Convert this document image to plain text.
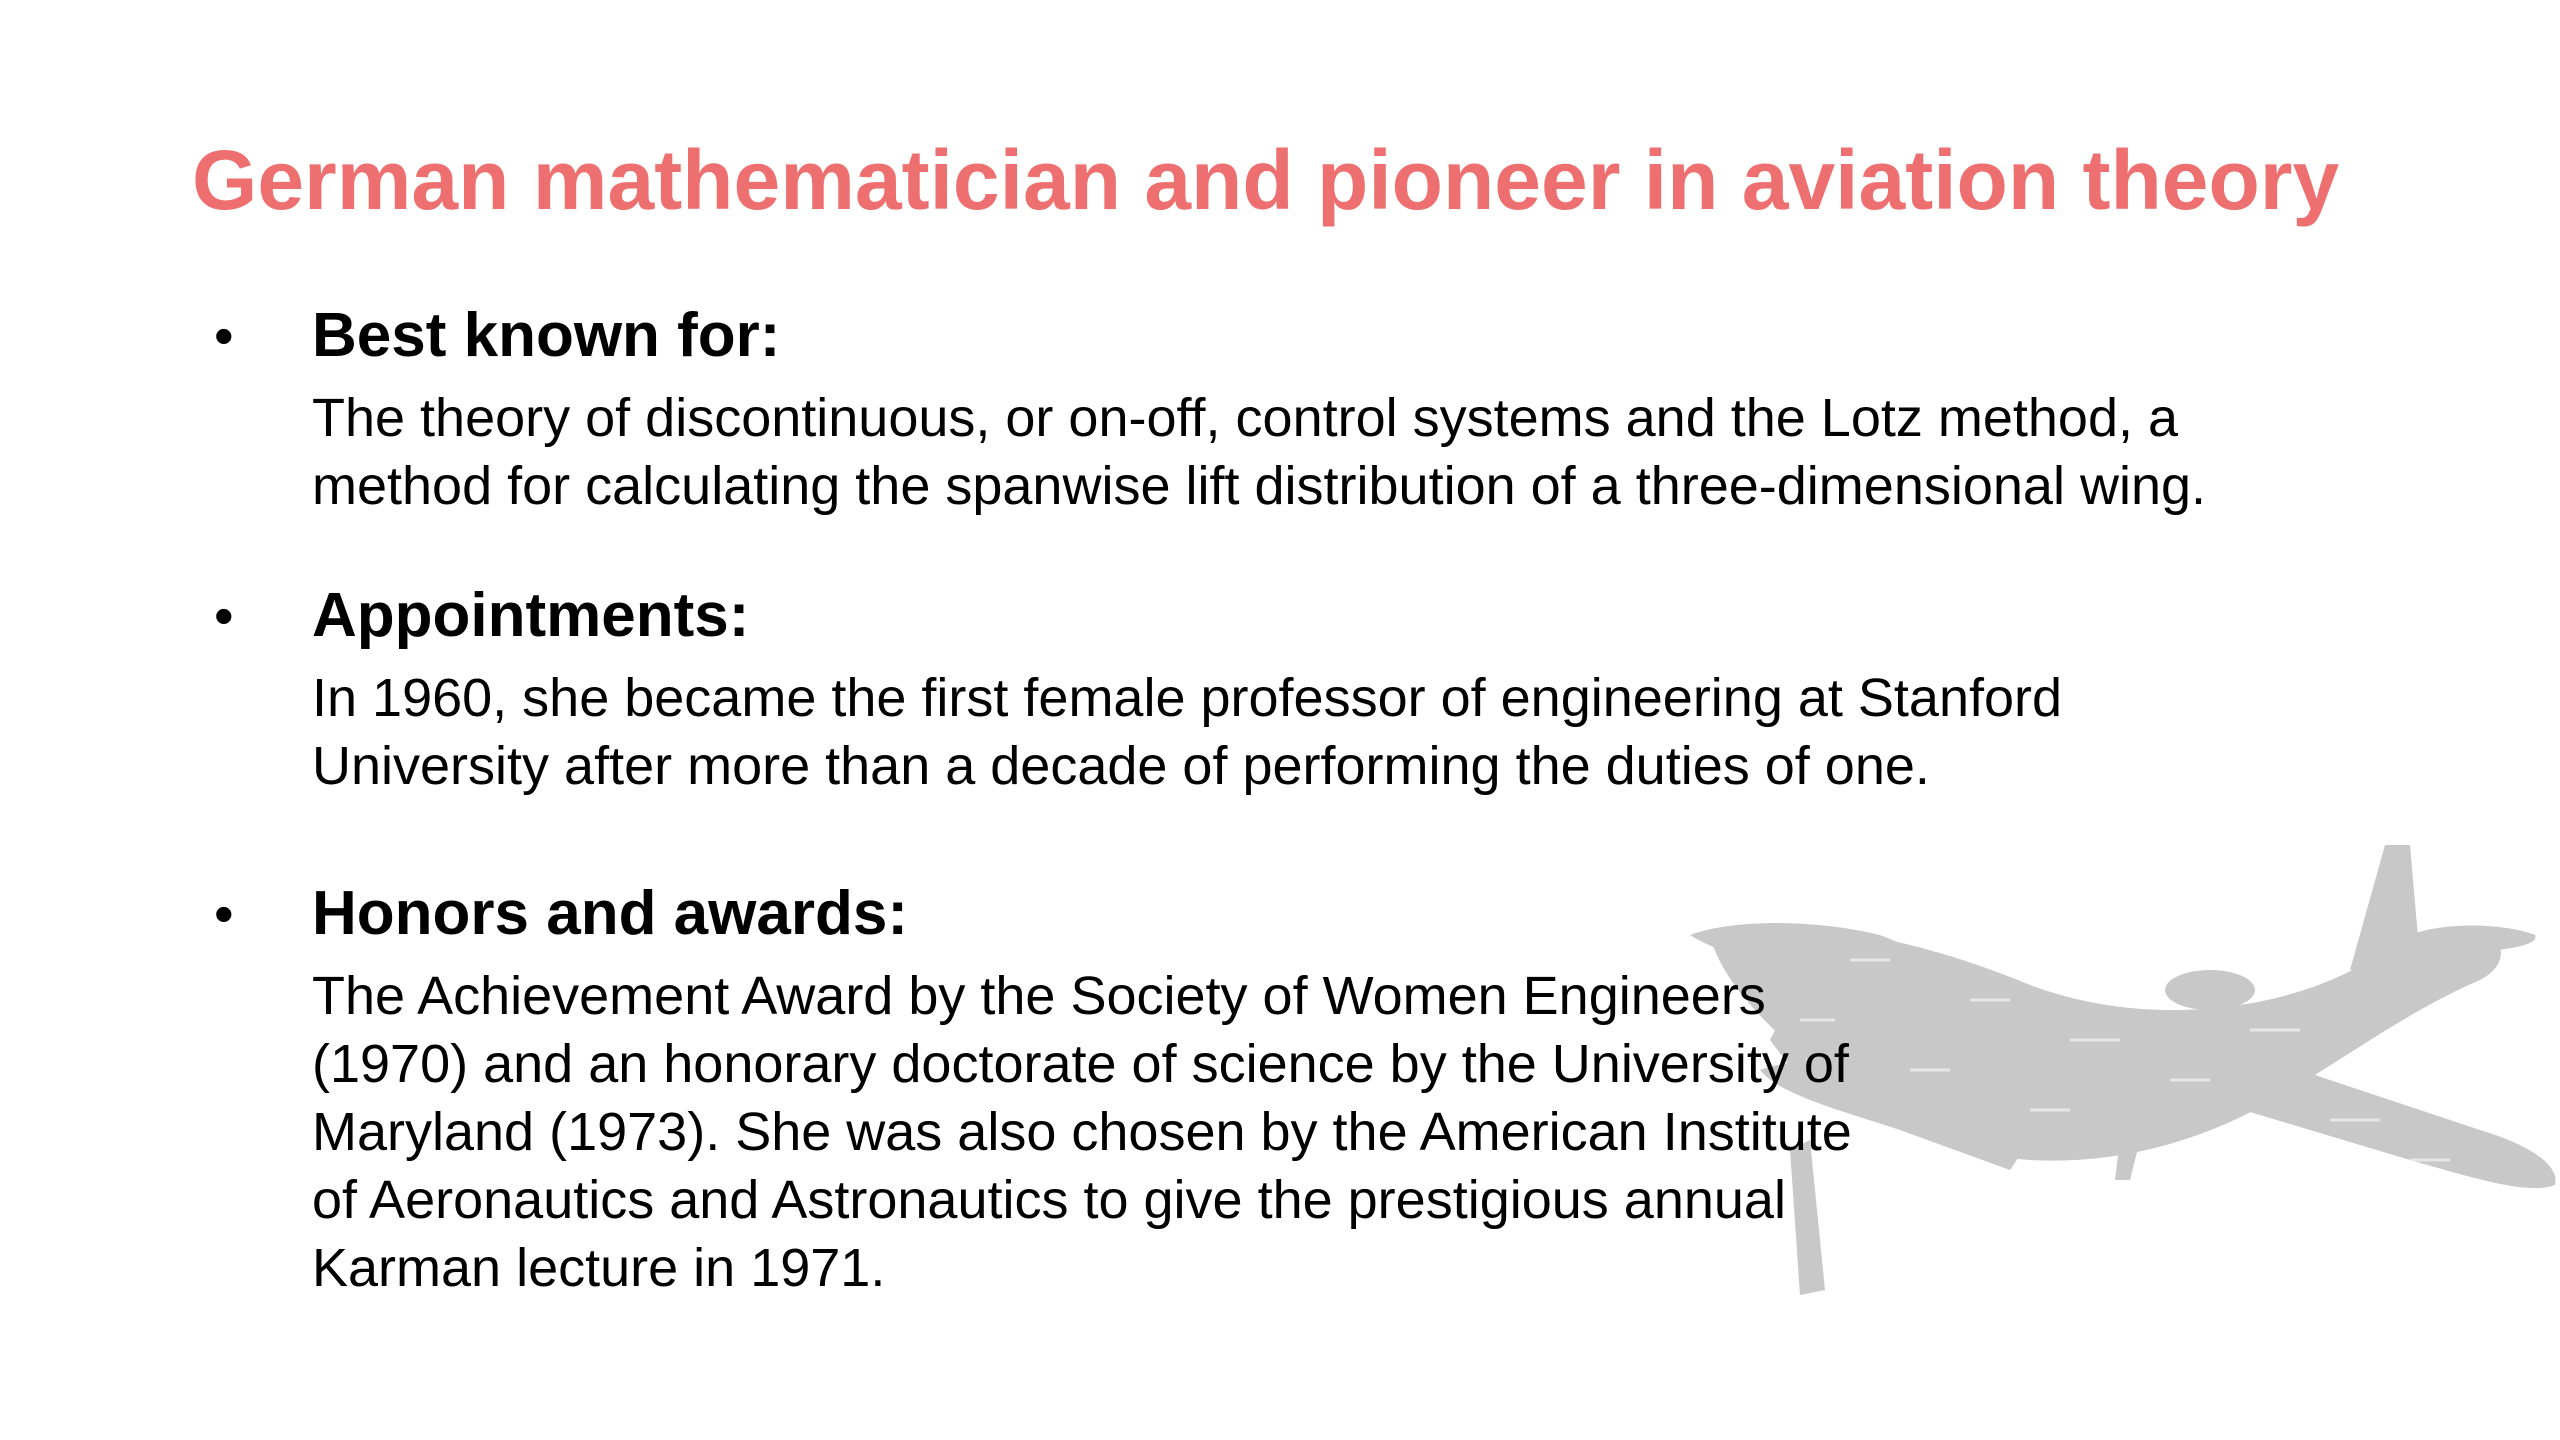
German mathematician and pioneer in aviation theory
• Best known for:

The theory of discontinuous, or on-off, control systems and the Lotz method, a method for calculating the spanwise lift distribution of a three-dimensional wing.

• Appointments:

In 1960, she became the first female professor of engineering at Stanford University after more than a decade of performing the duties of one.

• Honors and awards:

The Achievement Award by the Society of Women Engineers (1970) and an honorary doctorate of science by the University of Maryland (1973). She was also chosen by the American Institute of Aeronautics and Astronautics to give the prestigious annual Karman lecture in 1971.
